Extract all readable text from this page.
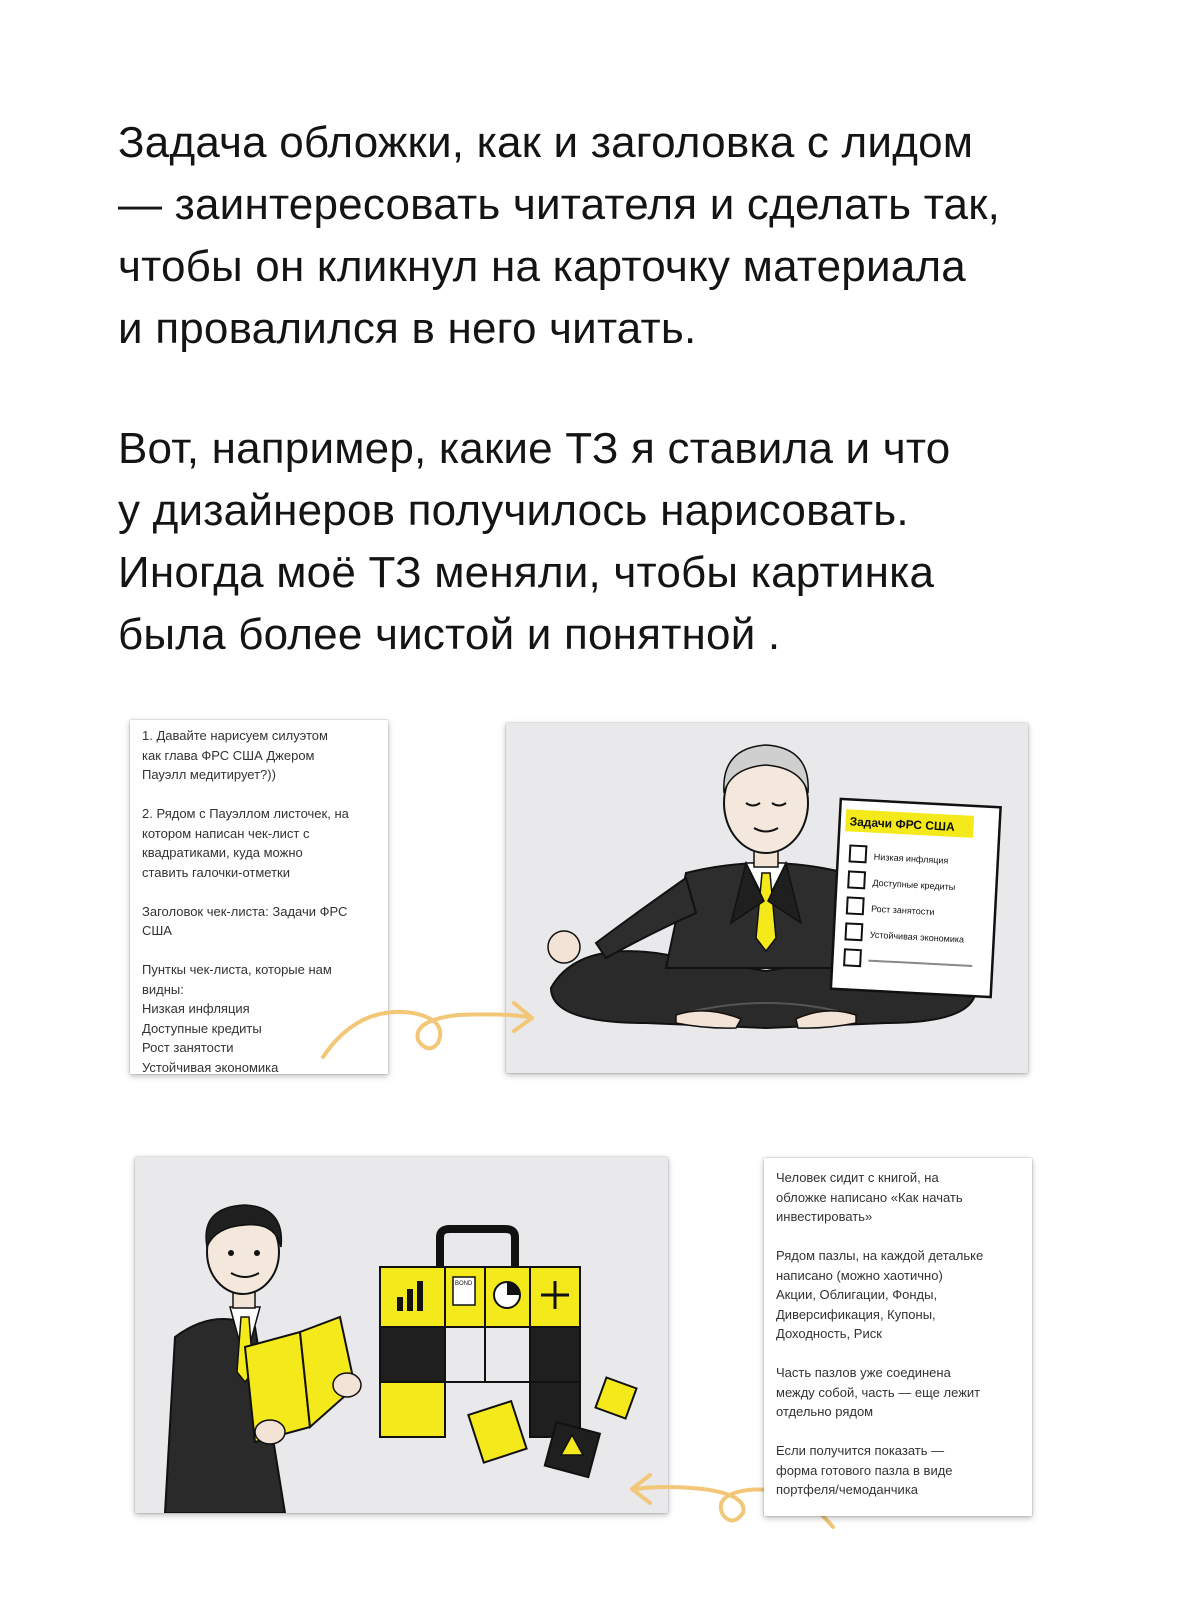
Задача обложки, как и заголовка с лидом
— заинтересовать читателя и сделать так,
чтобы он кликнул на карточку материала
и провалился в него читать.
Вот, например, какие ТЗ я ставила и что
у дизайнеров получилось нарисовать.
Иногда моё ТЗ меняли, чтобы картинка
была более чистой и понятной .

1. Давайте нарисуем силуэтом
как глава ФРС США Джером
Пауэлл медитирует?))

2. Рядом с Пауэллом листочек, на
котором написан чек-лист с
квадратиками, куда можно
ставить галочки-отметки

Заголовок чек-листа: Задачи ФРС
США

Пунткы чек-листа, которые нам
видны:
Низкая инфляция
Доступные кредиты
Рост занятости
Устойчивая экономика

Задачи ФРС США
Низкая инфляция
Доступные кредиты
Рост занятости
Устойчивая экономика
BOND

Человек сидит с книгой, на
обложке написано «Как начать
инвестировать»

Рядом пазлы, на каждой детальке
написано (можно хаотично)
Акции, Облигации, Фонды,
Диверсификация, Купоны,
Доходность, Риск

Часть пазлов уже соединена
между собой, часть — еще лежит
отдельно рядом

Если получится показать —
форма готового пазла в виде
портфеля/чемоданчика
